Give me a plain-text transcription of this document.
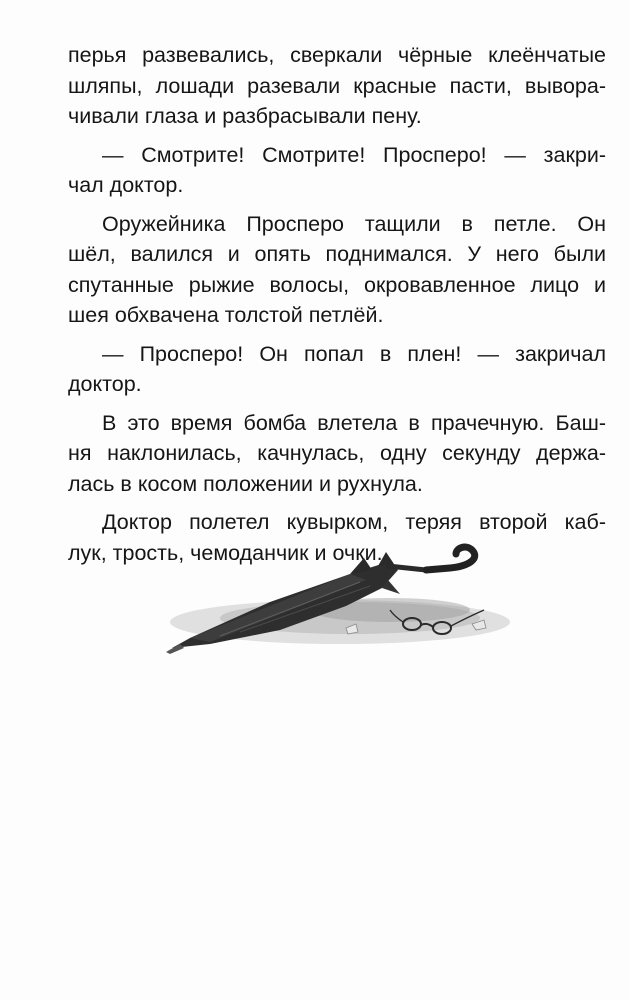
перья развевались, сверкали чёрные клеёнчатые
шляпы, лошади разевали красные пасти, вывора-
чивали глаза и разбрасывали пену.

— Смотрите! Смотрите! Просперо! — закри-
чал доктор.

Оружейника Просперо тащили в петле. Он
шёл, валился и опять поднимался. У него были
спутанные рыжие волосы, окровавленное лицо и
шея обхвачена толстой петлёй.

— Просперо! Он попал в плен! — закричал
доктор.

В это время бомба влетела в прачечную. Баш-
ня наклонилась, качнулась, одну секунду держа-
лась в косом положении и рухнула.

Доктор полетел кувырком, теряя второй каб-
лук, трость, чемоданчик и очки.
